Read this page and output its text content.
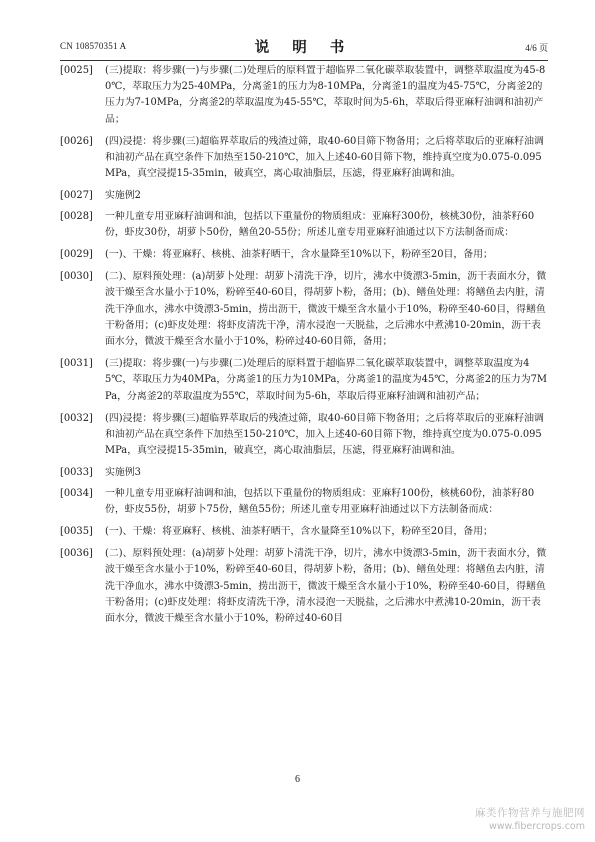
CN 108570351 A	说 明 书	4/6 页
[0025] (三)提取：将步骤(一)与步骤(二)处理后的原料置于超临界二氧化碳萃取装置中，调整萃取温度为45-80℃，萃取压力为25-40MPa，分离釜1的压力为8-10MPa，分离釜1的温度为45-75℃，分离釜2的压力为7-10MPa，分离釜2的萃取温度为45-55℃，萃取时间为5-6h，萃取后得亚麻籽油调和油初产品；
[0026] (四)浸提：将步骤(三)超临界萃取后的残渣过筛，取40-60目筛下物备用；之后将萃取后的亚麻籽油调和油初产品在真空条件下加热至150-210℃，加入上述40-60目筛下物，维持真空度为0.075-0.095MPa，真空浸提15-35min，破真空，离心取油脂层，压滤，得亚麻籽油调和油。
[0027] 实施例2
[0028] 一种儿童专用亚麻籽油调和油，包括以下重量份的物质组成：亚麻籽300份，核桃30份，油茶籽60份，虾皮30份，胡萝卜50份，鳝鱼20-55份；所述儿童专用亚麻籽油通过以下方法制备而成：
[0029] (一)、干燥：将亚麻籽、核桃、油茶籽晒干，含水量降至10%以下，粉碎至20目，备用；
[0030] (二)、原料预处理：(a)胡萝卜处理：胡萝卜清洗干净，切片，沸水中烫漂3-5min，沥干表面水分，微波干燥至含水量小于10%，粉碎至40-60目，得胡萝卜粉，备用；(b)、鳝鱼处理：将鳝鱼去内脏，清洗干净血水，沸水中烫漂3-5min，捞出沥干，微波干燥至含水量小于10%，粉碎至40-60目，得鳝鱼干粉备用；(c)虾皮处理：将虾皮清洗干净，清水浸泡一天脱盐，之后沸水中煮沸10-20min，沥干表面水分，微波干燥至含水量小于10%，粉碎过40-60目筛，备用；
[0031] (三)提取：将步骤(一)与步骤(二)处理后的原料置于超临界二氧化碳萃取装置中，调整萃取温度为45℃，萃取压力为40MPa，分离釜1的压力为10MPa，分离釜1的温度为45℃，分离釜2的压力为7MPa，分离釜2的萃取温度为55℃，萃取时间为5-6h，萃取后得亚麻籽油调和油初产品；
[0032] (四)浸提：将步骤(三)超临界萃取后的残渣过筛，取40-60目筛下物备用；之后将萃取后的亚麻籽油调和油初产品在真空条件下加热至150-210℃，加入上述40-60目筛下物，维持真空度为0.075-0.095MPa，真空浸提15-35min，破真空，离心取油脂层，压滤，得亚麻籽油调和油。
[0033] 实施例3
[0034] 一种儿童专用亚麻籽油调和油，包括以下重量份的物质组成：亚麻籽100份，核桃60份，油茶籽80份，虾皮55份，胡萝卜75份，鳝鱼55份；所述儿童专用亚麻籽油通过以下方法制备而成：
[0035] (一)、干燥：将亚麻籽、核桃、油茶籽晒干，含水量降至10%以下，粉碎至20目，备用；
[0036] (二)、原料预处理：(a)胡萝卜处理：胡萝卜清洗干净，切片，沸水中烫漂3-5min，沥干表面水分，微波干燥至含水量小于10%，粉碎至40-60目，得胡萝卜粉，备用；(b)、鳝鱼处理：将鳝鱼去内脏，清洗干净血水，沸水中烫漂3-5min，捞出沥干，微波干燥至含水量小于10%，粉碎至40-60目，得鳝鱼干粉备用；(c)虾皮处理：将虾皮清洗干净，清水浸泡一天脱盐，之后沸水中煮沸10-20min，沥干表面水分，微波干燥至含水量小于10%，粉碎过40-60目
6
麻类作物营养与施肥网
www.fibercrops.com
